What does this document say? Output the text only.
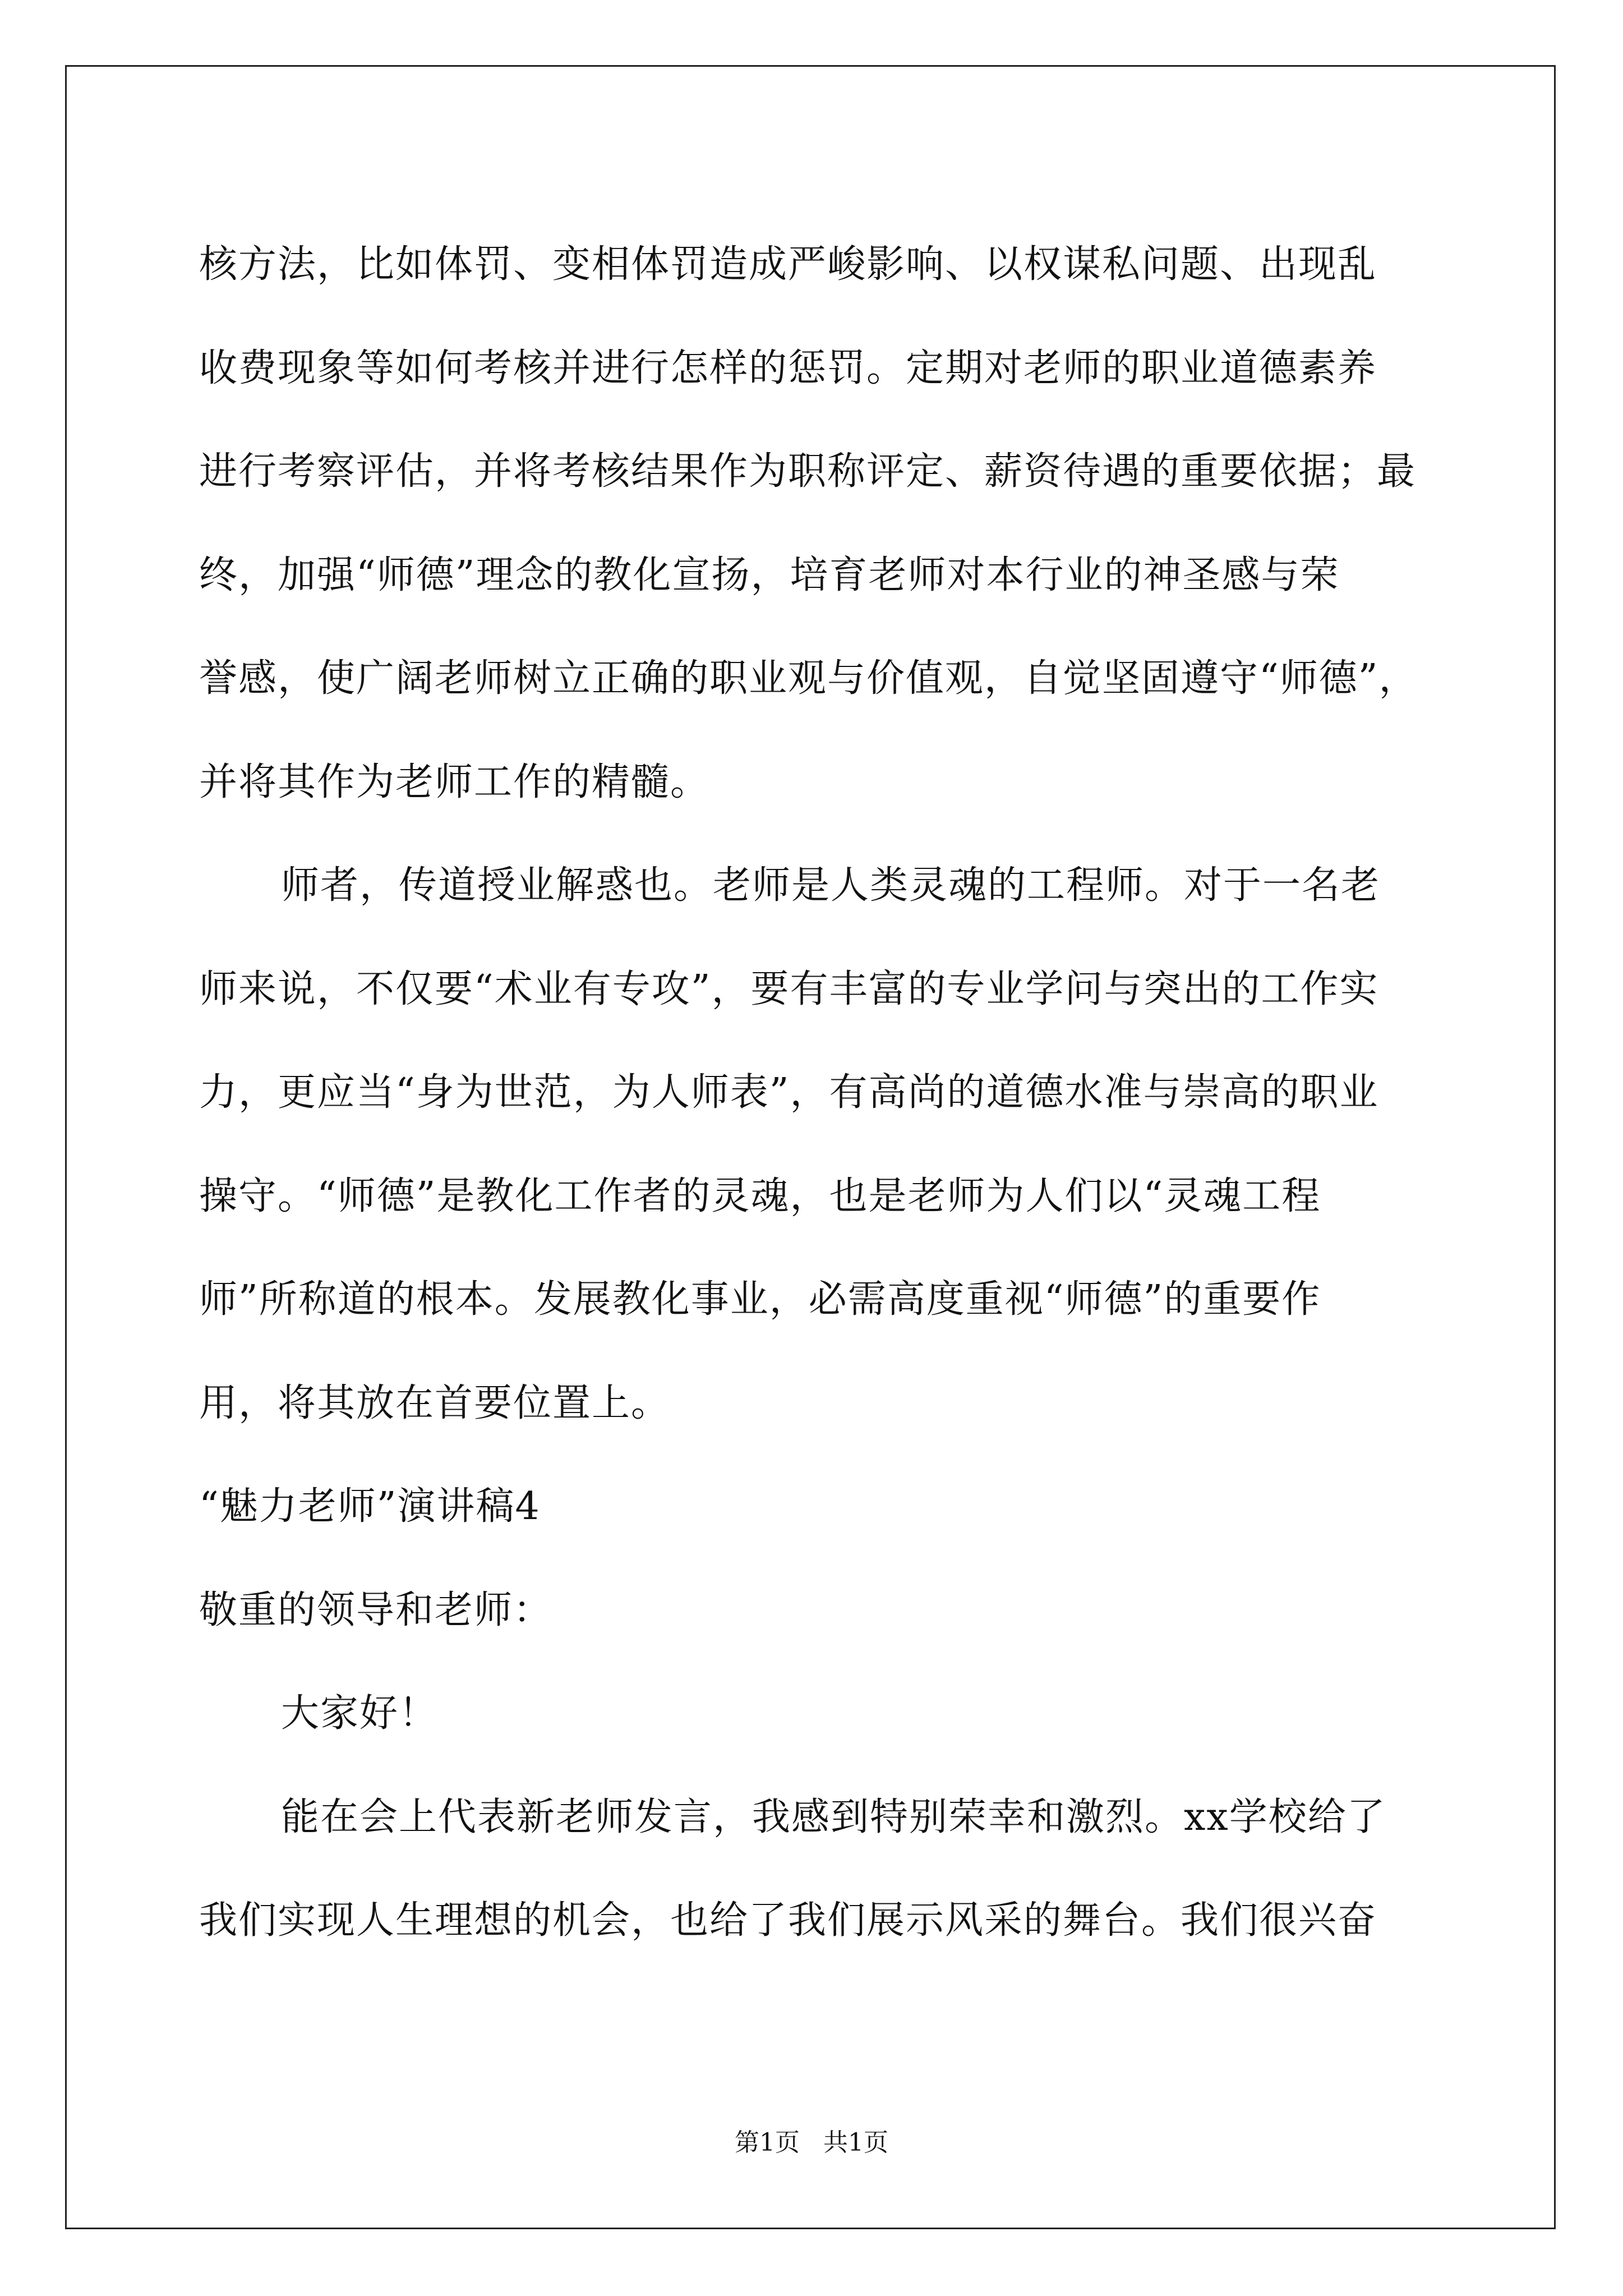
核方法，比如体罚、变相体罚造成严峻影响、以权谋私问题、出现乱
收费现象等如何考核并进行怎样的惩罚。定期对老师的职业道德素养
进行考察评估，并将考核结果作为职称评定、薪资待遇的重要依据；最
终，加强“师德”理念的教化宣扬，培育老师对本行业的神圣感与荣
誉感，使广阔老师树立正确的职业观与价值观，自觉坚固遵守“师德”，
并将其作为老师工作的精髓。
师者，传道授业解惑也。老师是人类灵魂的工程师。对于一名老
师来说，不仅要“术业有专攻”，要有丰富的专业学问与突出的工作实
力，更应当“身为世范，为人师表”，有高尚的道德水准与崇高的职业
操守。“师德”是教化工作者的灵魂，也是老师为人们以“灵魂工程
师”所称道的根本。发展教化事业，必需高度重视“师德”的重要作
用，将其放在首要位置上。
“魅力老师”演讲稿4
敬重的领导和老师：
大家好！
能在会上代表新老师发言，我感到特别荣幸和激烈。xx学校给了
我们实现人生理想的机会，也给了我们展示风采的舞台。我们很兴奋
第1页   共1页
